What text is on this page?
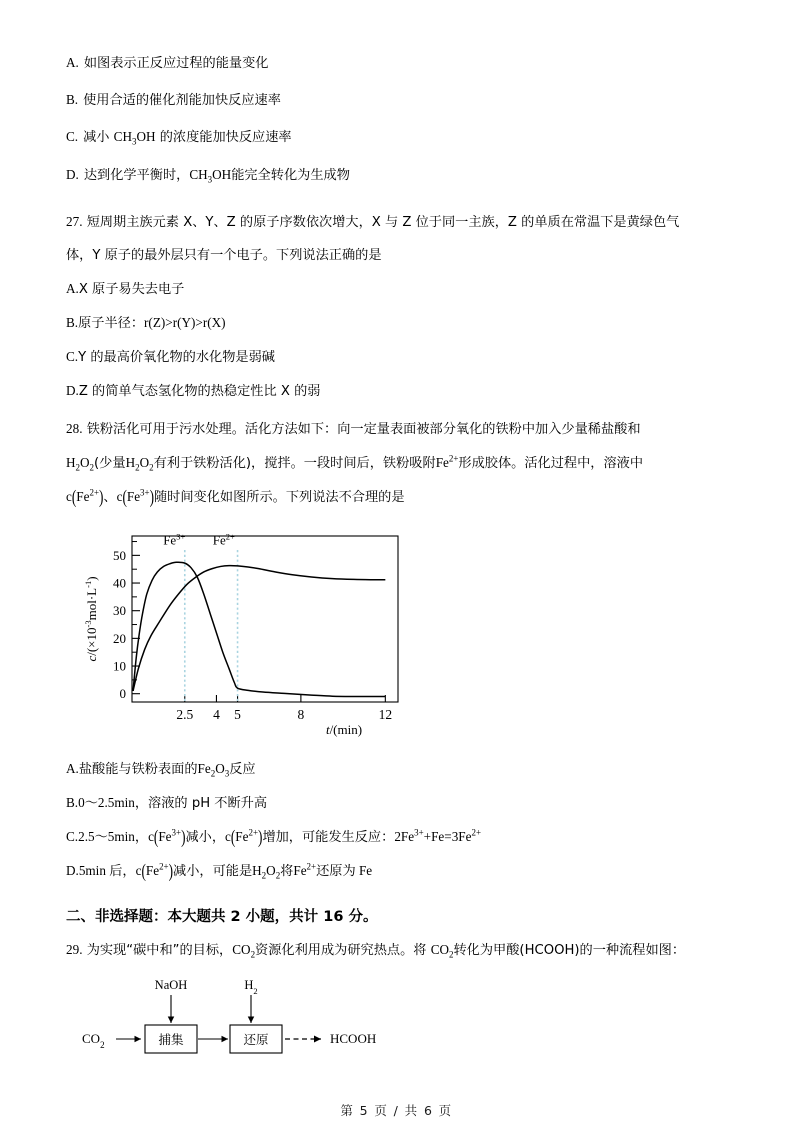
A. 如图表示正反应过程的能量变化
B. 使用合适的催化剂能加快反应速率
C. 减小 $CH_3OH$ 的浓度能加快反应速率
D. 达到化学平衡时，$CH_3OH$能完全转化为生成物
27. 短周期主族元素 X、Y、Z 的原子序数依次增大，X 与 Z 位于同一主族，Z 的单质在常温下是黄绿色气
体，Y 原子的最外层只有一个电子。下列说法正确的是
A.X 原子易失去电子
B.原子半径：r(Z)>r(Y)>r(X)
C.Y 的最高价氧化物的水化物是弱碱
D.Z 的简单气态氢化物的热稳定性比 X 的弱
28. 铁粉活化可用于污水处理。活化方法如下：向一定量表面被部分氧化的铁粉中加入少量稀盐酸和
$H_2O_2$(少量$H_2O_2$有利于铁粉活化)，搅拌。一段时间后，铁粉吸附$Fe^{2+}$形成胶体。活化过程中，溶液中
$c(Fe^{2+})$、$c(Fe^{3+})$随时间变化如图所示。下列说法不合理的是
0
10
20
30
40
50
2.5 4 5	8	12
$Fe^{3+}$ $Fe^{2+}$
$c/(\times 10^{-3}mol\cdot L^{-1})$
t/(min)
A.盐酸能与铁粉表面的$Fe_2O_3$反应
B.0～2.5min，溶液的 pH 不断升高
C.2.5～5min，$c(Fe^{3+})$减小，$c(Fe^{2+})$增加，可能发生反应：$2Fe^{3+}+Fe=3Fe^{2+}$
D.5min 后，$c(Fe^{2+})$减小，可能是$H_2O_2$将$Fe^{2+}$还原为 Fe
二、非选择题：本大题共 2 小题，共计 16 分。
29. 为实现“碳中和”的目标，$CO_2$资源化利用成为研究热点。将 $CO_2$转化为甲酸(HCOOH)的一种流程如图：
NaOH	$H_2$
$CO_2$	捕集	还原	HCOOH
第 5 页 / 共 6 页
